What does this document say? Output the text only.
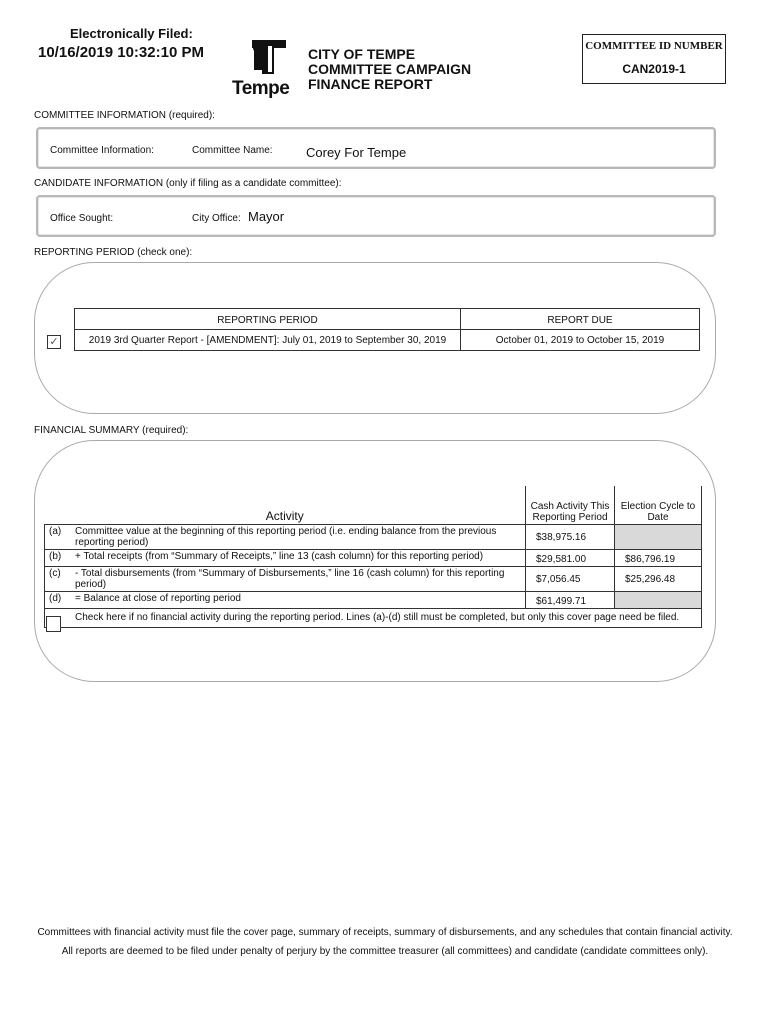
Electronically Filed:
10/16/2019 10:32:10 PM
Tempe
CITY OF TEMPE
COMMITTEE CAMPAIGN
FINANCE REPORT
COMMITTEE ID NUMBER
CAN2019-1
COMMITTEE INFORMATION (required):
Committee Information:	Committee Name:	Corey For Tempe
CANDIDATE INFORMATION (only if filing as a candidate committee):
Office Sought:	City Office: Mayor
REPORTING PERIOD (check one):
REPORTING PERIOD	REPORT DUE
2019 3rd Quarter Report - [AMENDMENT]: July 01, 2019 to September 30, 2019	October 01, 2019 to October 15, 2019
✓
FINANCIAL SUMMARY (required):
Activity		Cash Activity This Reporting Period	Election Cycle to Date
(a)	Committee value at the beginning of this reporting period (i.e. ending balance from the previous reporting period)	$38,975.16	
(b)	+ Total receipts (from “Summary of Receipts,” line 13 (cash column) for this reporting period)	$29,581.00	$86,796.19
(c)	- Total disbursements (from “Summary of Disbursements,” line 16 (cash column) for this reporting period)	$7,056.45	$25,296.48
(d)	= Balance at close of reporting period	$61,499.71	
	Check here if no financial activity during the reporting period. Lines (a)-(d) still must be completed, but only this cover page need be filed.		
Committees with financial activity must file the cover page, summary of receipts, summary of disbursements, and any schedules that contain financial activity.
All reports are deemed to be filed under penalty of perjury by the committee treasurer (all committees) and candidate (candidate committees only).
